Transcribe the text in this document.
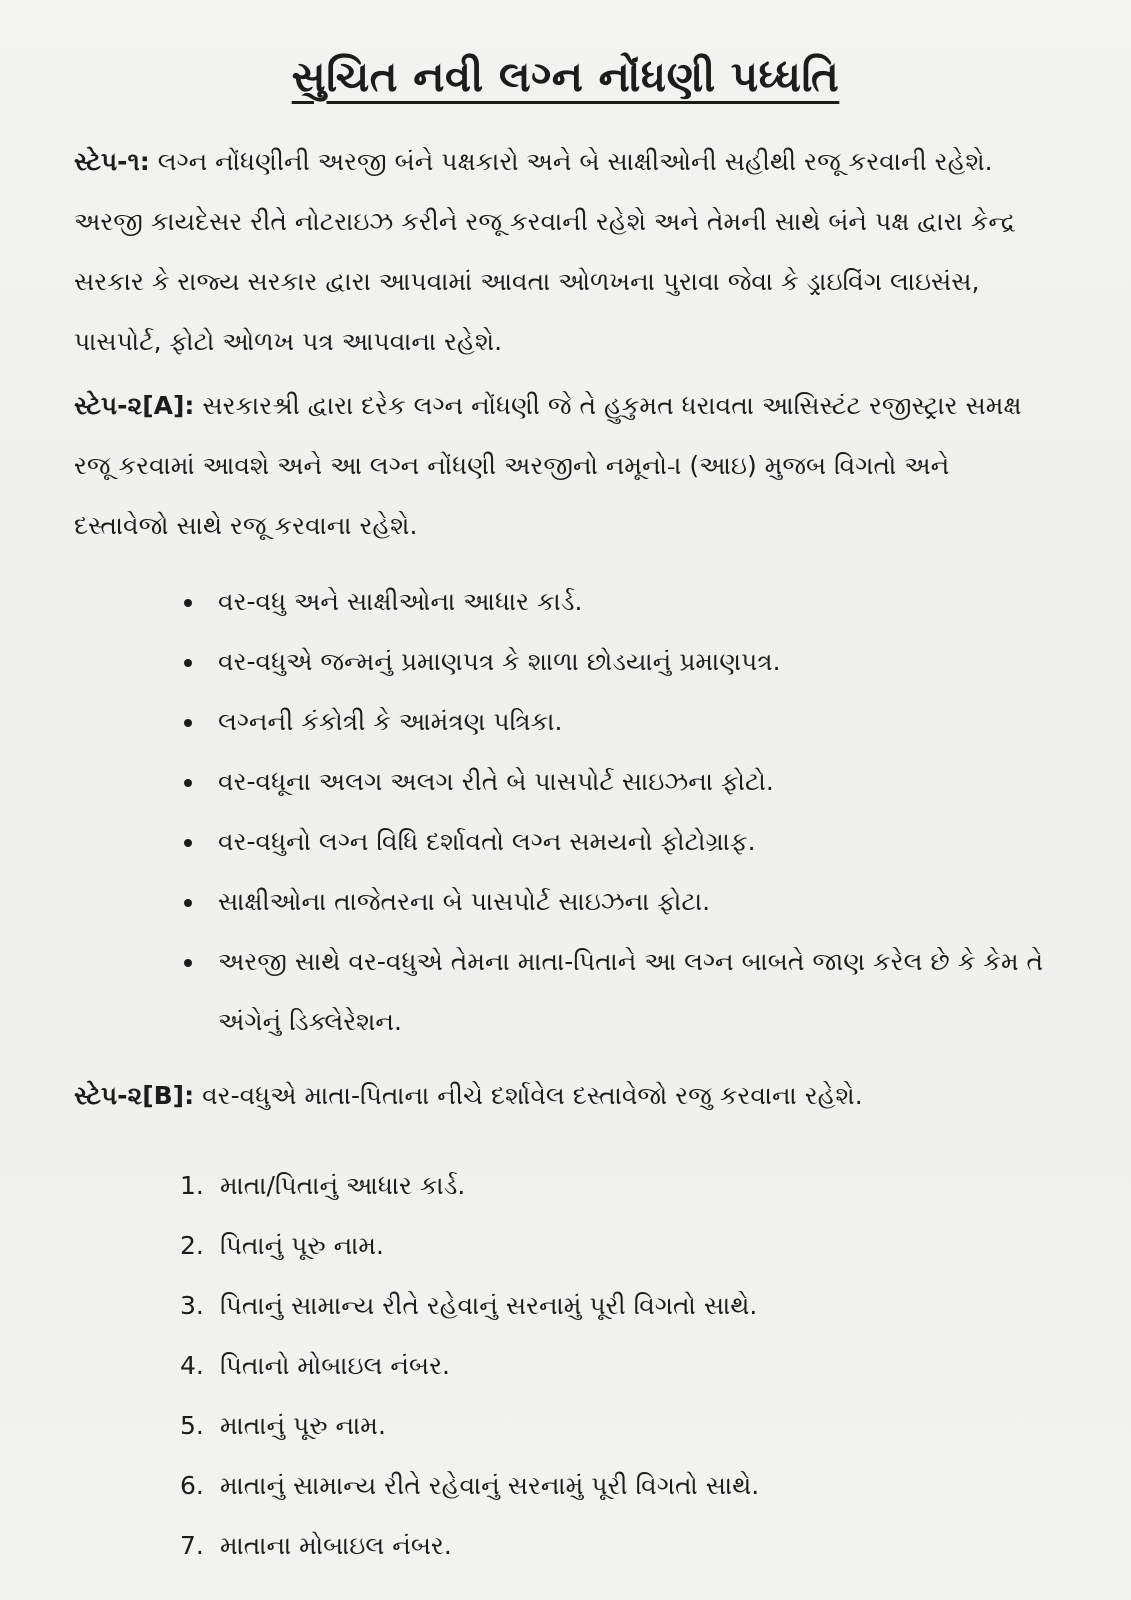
સુચિત નવી લગ્ન નોંધણી પધ્ધતિ

સ્ટેપ-૧: લગ્ન નોંધણીની અરજી બંને પક્ષકારો અને બે સાક્ષીઓની સહીથી રજૂ કરવાની રહેશે. અરજી કાયદેસર રીતે નોટરાઇઝ કરીને રજૂ કરવાની રહેશે અને તેમની સાથે બંને પક્ષ દ્વારા કેન્દ્ર સરકાર કે રાજ્ય સરકાર દ્વારા આપવામાં આવતા ઓળખના પુરાવા જેવા કે ડ્રાઇવિંગ લાઇસંસ, પાસપોર્ટ, ફોટો ઓળખ પત્ર આપવાના રહેશે.

સ્ટેપ-૨[A]: સરકારશ્રી દ્વારા દરેક લગ્ન નોંધણી જે તે હુકુમત ધરાવતા આસિસ્ટંટ રજીસ્ટ્રાર સમક્ષ રજૂ કરવામાં આવશે અને આ લગ્ન નોંધણી અરજીનો નમૂનો-ા (આઇ) મુજબ વિગતો અને દસ્તાવેજો સાથે રજૂ કરવાના રહેશે.

વર-વધુ અને સાક્ષીઓના આધાર કાર્ડ.
વર-વધુએ જન્મનું પ્રમાણપત્ર કે શાળા છોડયાનું પ્રમાણપત્ર.
લગ્નની કંકોત્રી કે આમંત્રણ પત્રિકા.
વર-વધૂના અલગ અલગ રીતે બે પાસપોર્ટ સાઇઝના ફોટો.
વર-વધુનો લગ્ન વિધિ દર્શાવતો લગ્ન સમયનો ફોટોગ્રાફ.
સાક્ષીઓના તાજેતરના બે પાસપોર્ટ સાઇઝના ફોટા.
અરજી સાથે વર-વધુએ તેમના માતા-પિતાને આ લગ્ન બાબતે જાણ કરેલ છે કે કેમ તે અંગેનું ડિક્લેરેશન.

સ્ટેપ-૨[B]: વર-વધુએ માતા-પિતાના નીચે દર્શાવેલ દસ્તાવેજો રજુ કરવાના રહેશે.

1. માતા/પિતાનું આધાર કાર્ડ.
2. પિતાનું પૂરુ નામ.
3. પિતાનું સામાન્ય રીતે રહેવાનું સરનામું પૂરી વિગતો સાથે.
4. પિતાનો મોબાઇલ નંબર.
5. માતાનું પૂરુ નામ.
6. માતાનું સામાન્ય રીતે રહેવાનું સરનામું પૂરી વિગતો સાથે.
7. માતાના મોબાઇલ નંબર.
